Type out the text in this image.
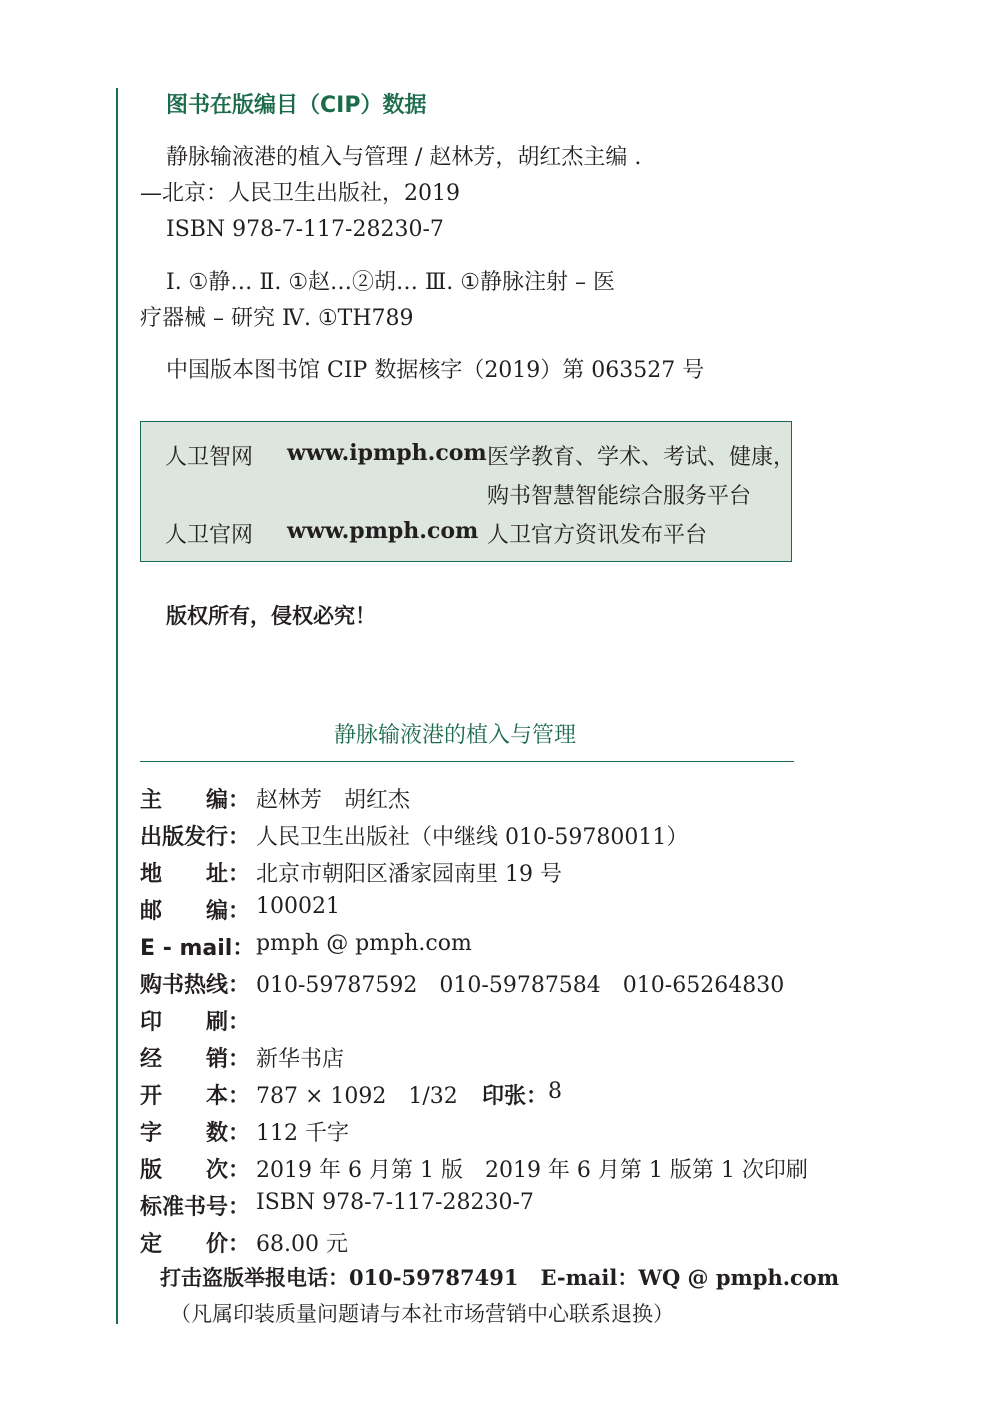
图书在版编目（CIP）数据
静脉输液港的植入与管理 / 赵林芳，胡红杰主编 .
—北京：人民卫生出版社，2019
ISBN 978-7-117-28230-7
Ⅰ. ①静… Ⅱ. ①赵…②胡… Ⅲ. ①静脉注射 – 医
疗器械 – 研究 Ⅳ. ①TH789
中国版本图书馆 CIP 数据核字（2019）第 063527 号
人卫智网 www.ipmph.com 医学教育、学术、考试、健康，
购书智慧智能综合服务平台
人卫官网 www.pmph.com 人卫官方资讯发布平台
版权所有，侵权必究！
静脉输液港的植入与管理
主　　编： 赵林芳　胡红杰
出版发行： 人民卫生出版社（中继线 010-59780011）
地　　址： 北京市朝阳区潘家园南里 19 号
邮　　编： 100021
E - mail： pmph @ pmph.com
购书热线： 010-59787592　010-59787584　010-65264830
印　　刷：
经　　销： 新华书店
开　　本： 787 × 1092　1/32 印张： 8
字　　数： 112 千字
版　　次： 2019 年 6 月第 1 版　2019 年 6 月第 1 版第 1 次印刷
标准书号： ISBN 978-7-117-28230-7
定　　价： 68.00 元
打击盗版举报电话：010-59787491 E-mail：WQ @ pmph.com
（凡属印装质量问题请与本社市场营销中心联系退换）
